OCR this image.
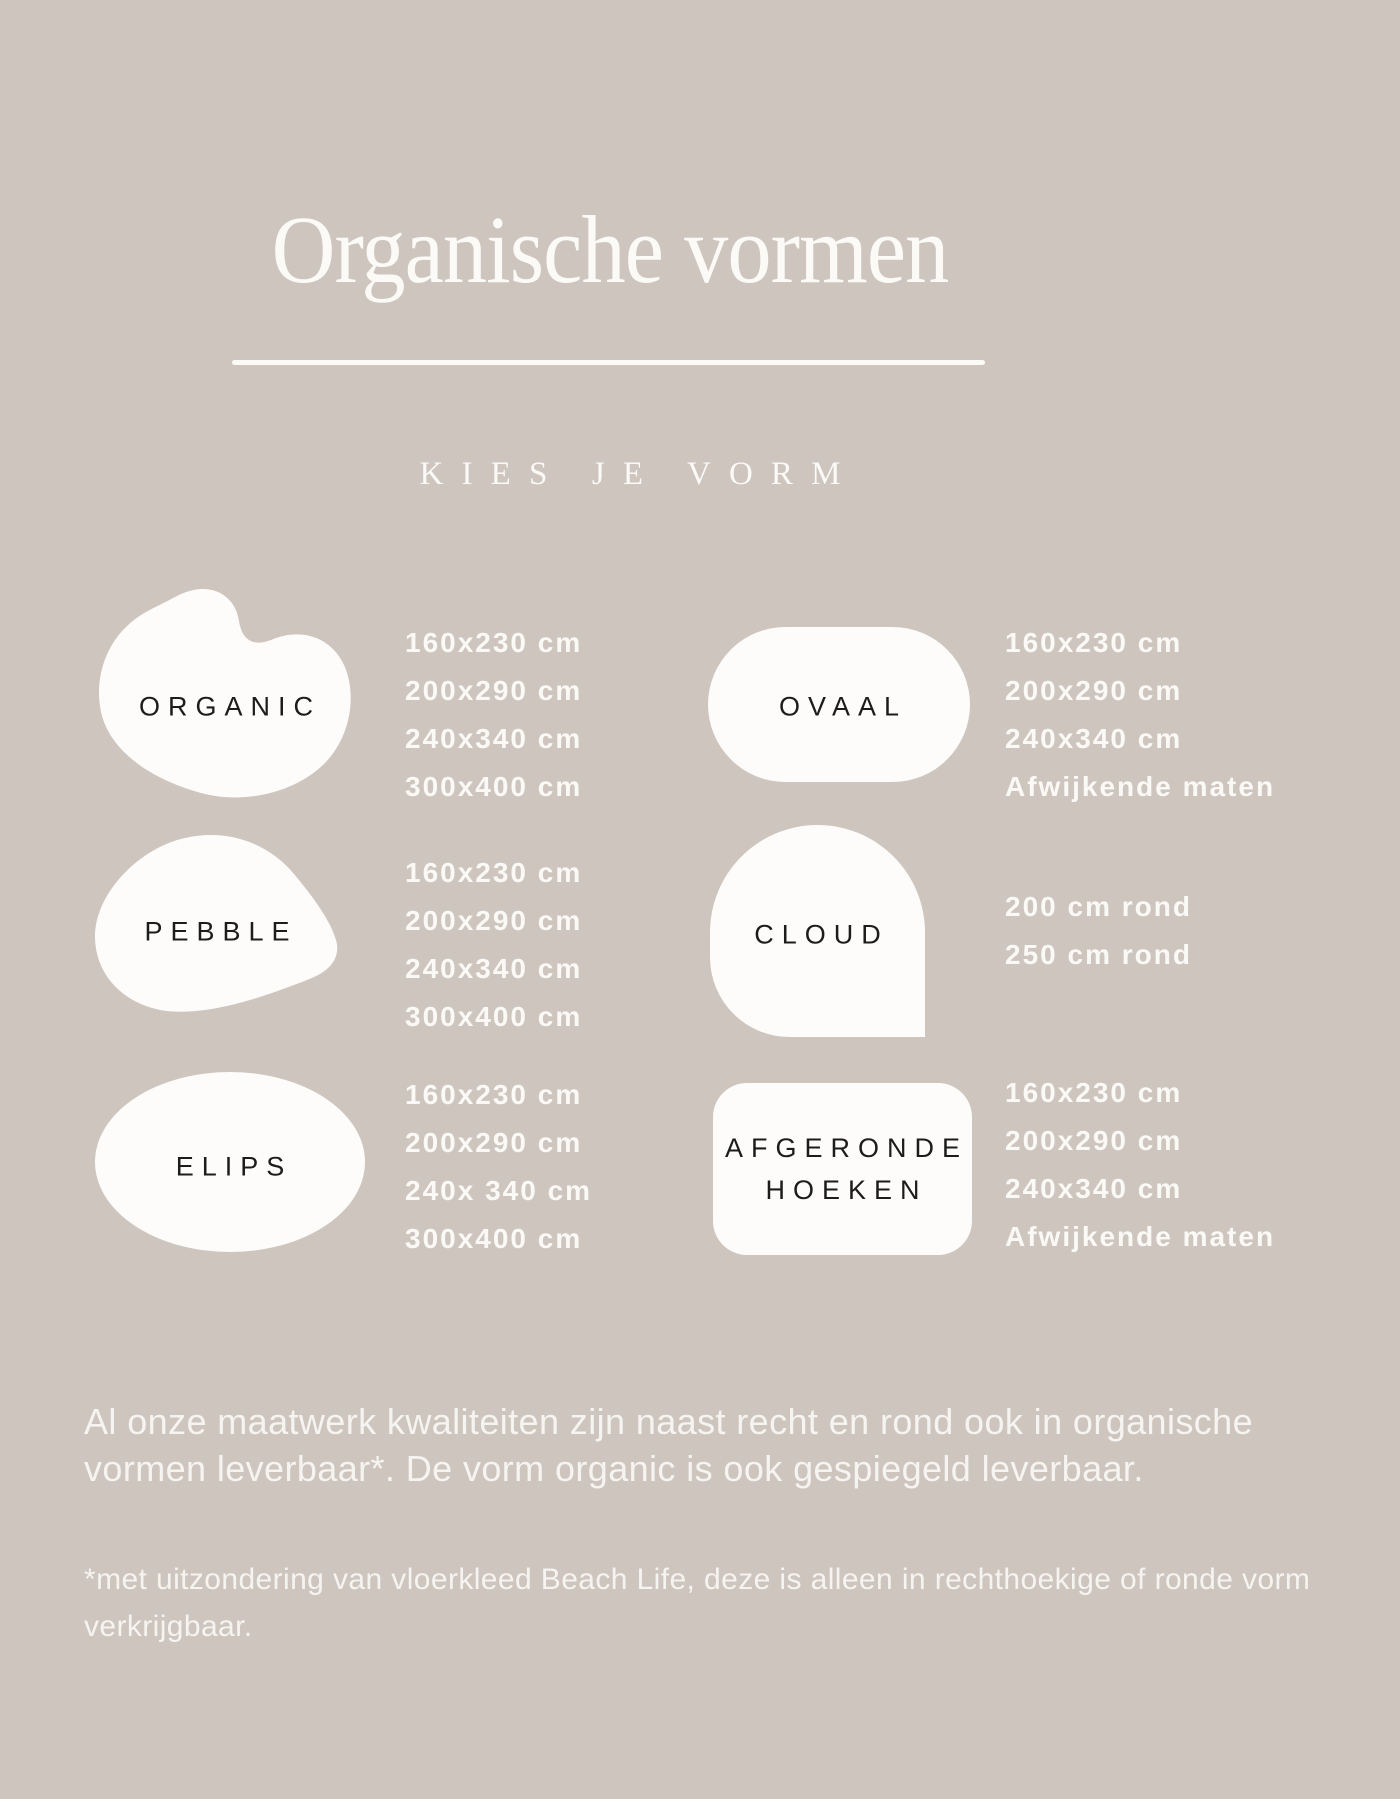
Organische vormen
KIES JE VORM
ORGANIC
160x230 cm
200x290 cm
240x340 cm
300x400 cm
OVAAL
160x230 cm
200x290 cm
240x340 cm
Afwijkende maten
PEBBLE
160x230 cm
200x290 cm
240x340 cm
300x400 cm
CLOUD
200 cm rond
250 cm rond
ELIPS
160x230 cm
200x290 cm
240x 340 cm
300x400 cm
AFGERONDE
HOEKEN
160x230 cm
200x290 cm
240x340 cm
Afwijkende maten
Al onze maatwerk kwaliteiten zijn naast recht en rond ook in organische vormen leverbaar*. De vorm organic is ook gespiegeld leverbaar.
*met uitzondering van vloerkleed Beach Life, deze is alleen in rechthoekige of ronde vorm verkrijgbaar.
